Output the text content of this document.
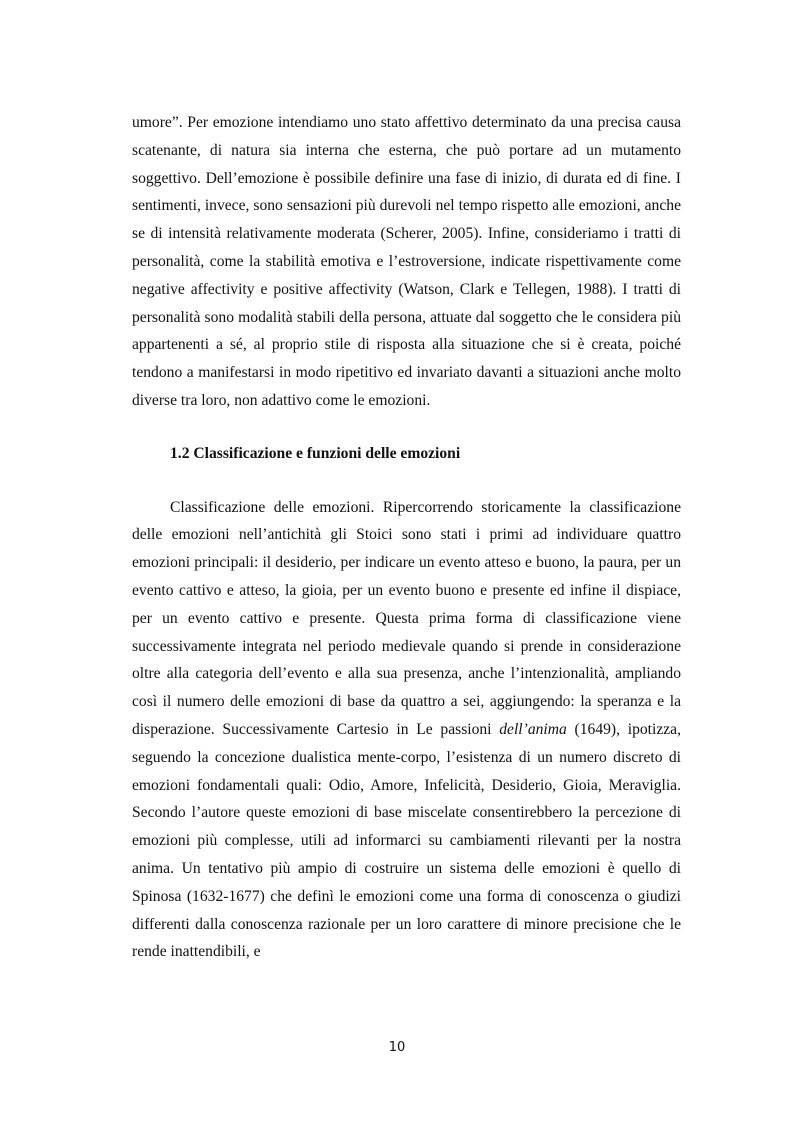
umore”. Per emozione intendiamo uno stato affettivo determinato da una precisa causa scatenante, di natura sia interna che esterna, che può portare ad un mutamento soggettivo. Dell’emozione è possibile definire una fase di inizio, di durata ed di fine. I sentimenti, invece, sono sensazioni più durevoli nel tempo rispetto alle emozioni, anche se di intensità relativamente moderata (Scherer, 2005). Infine, consideriamo i tratti di personalità, come la stabilità emotiva e l’estroversione, indicate rispettivamente come negative affectivity e positive affectivity (Watson, Clark e Tellegen, 1988). I tratti di personalità sono modalità stabili della persona, attuate dal soggetto che le considera più appartenenti a sé, al proprio stile di risposta alla situazione che si è creata, poiché tendono a manifestarsi in modo ripetitivo ed invariato davanti a situazioni anche molto diverse tra loro, non adattivo come le emozioni.

1.2 Classificazione e funzioni delle emozioni

Classificazione delle emozioni. Ripercorrendo storicamente la classificazione delle emozioni nell’antichità gli Stoici sono stati i primi ad individuare quattro emozioni principali: il desiderio, per indicare un evento atteso e buono, la paura, per un evento cattivo e atteso, la gioia, per un evento buono e presente ed infine il dispiace, per un evento cattivo e presente. Questa prima forma di classificazione viene successivamente integrata nel periodo medievale quando si prende in considerazione oltre alla categoria dell’evento e alla sua presenza, anche l’intenzionalità, ampliando così il numero delle emozioni di base da quattro a sei, aggiungendo: la speranza e la disperazione. Successivamente Cartesio in Le passioni dell’anima (1649), ipotizza, seguendo la concezione dualistica mente-corpo, l’esistenza di un numero discreto di emozioni fondamentali quali: Odio, Amore, Infelicità, Desiderio, Gioia, Meraviglia. Secondo l’autore queste emozioni di base miscelate consentirebbero la percezione di emozioni più complesse, utili ad informarci su cambiamenti rilevanti per la nostra anima. Un tentativo più ampio di costruire un sistema delle emozioni è quello di Spinosa (1632-1677) che definì le emozioni come una forma di conoscenza o giudizi differenti dalla conoscenza razionale per un loro carattere di minore precisione che le rende inattendibili, e

10
